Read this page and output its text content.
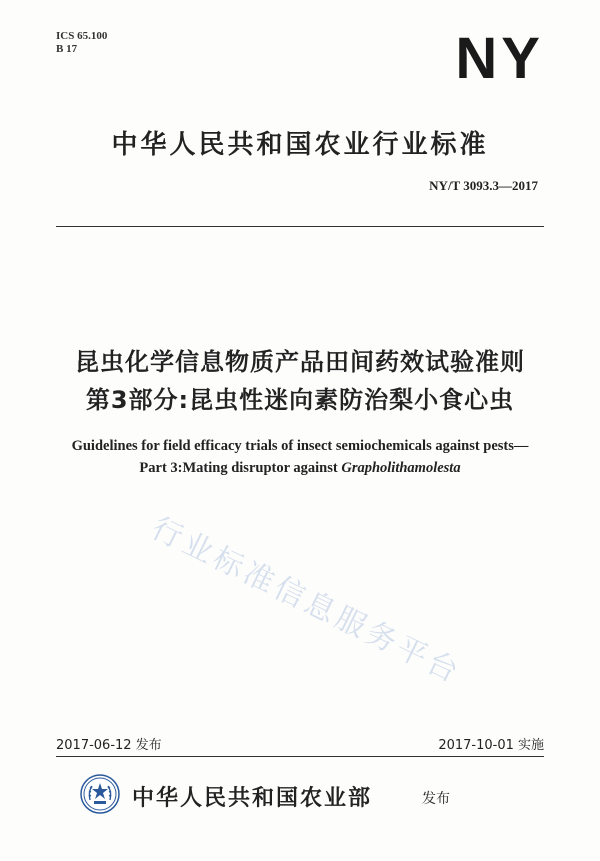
ICS 65.100
B 17	NY
中华人民共和国农业行业标准
NY/T 3093.3—2017
昆虫化学信息物质产品田间药效试验准则
第3部分:昆虫性迷向素防治梨小食心虫
Guidelines for field efficacy trials of insect semiochemicals against pests—
Part 3:Mating disruptor against Grapholithamolesta
行业标准信息服务平台
2017-06-12 发布	2017-10-01 实施
中华人民共和国农业部	发布
